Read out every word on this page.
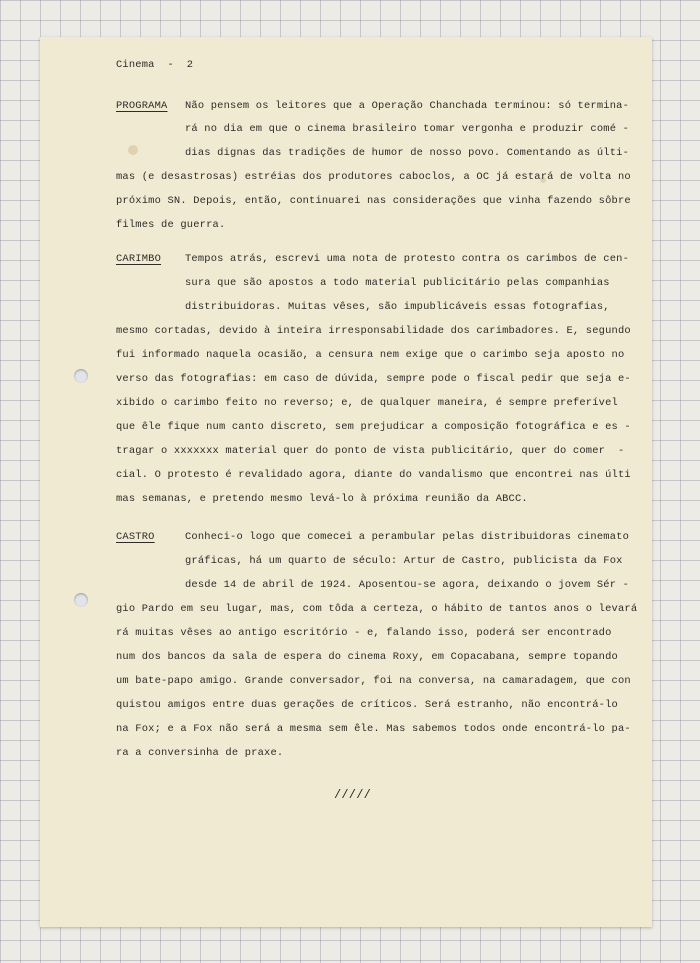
Cinema  -  2
PROGRAMA Não pensem os leitores que a Operação Chanchada terminou: só termina-
rá no dia em que o cinema brasileiro tomar vergonha e produzir comé -
dias dignas das tradições de humor de nosso povo. Comentando as últi-
mas (e desastrosas) estréias dos produtores caboclos, a OC já estará de volta no
próximo SN. Depois, então, continuarei nas considerações que vinha fazendo sôbre
filmes de guerra.
CARIMBO Tempos atrás, escrevi uma nota de protesto contra os carimbos de cen-
sura que são apostos a todo material publicitário pelas companhias
distribuidoras. Muitas vêses, são impublicáveis essas fotografias,
mesmo cortadas, devido à inteira irresponsabilidade dos carimbadores. E, segundo
fui informado naquela ocasião, a censura nem exige que o carimbo seja aposto no
verso das fotografias: em caso de dúvida, sempre pode o fiscal pedir que seja e-
xibido o carimbo feito no reverso; e, de qualquer maneira, é sempre preferível
que êle fique num canto discreto, sem prejudicar a composição fotográfica e es -
tragar o xxxxxxx material quer do ponto de vista publicitário, quer do comer  -
cial. O protesto é revalidado agora, diante do vandalismo que encontrei nas últi
mas semanas, e pretendo mesmo levá-lo à próxima reunião da ABCC.
CASTRO	Conheci-o logo que comecei a perambular pelas distribuidoras cinemato
gráficas, há um quarto de século: Artur de Castro, publicista da Fox
desde 14 de abril de 1924. Aposentou-se agora, deixando o jovem Sér -
gio Pardo em seu lugar, mas, com tôda a certeza, o hábito de tantos anos o levará
rá muitas vêses ao antigo escritório - e, falando isso, poderá ser encontrado
num dos bancos da sala de espera do cinema Roxy, em Copacabana, sempre topando
um bate-papo amigo. Grande conversador, foi na conversa, na camaradagem, que con
quistou amigos entre duas gerações de críticos. Será estranho, não encontrá-lo
na Fox; e a Fox não será a mesma sem êle. Mas sabemos todos onde encontrá-lo pa-
ra a conversinha de praxe.
/////
